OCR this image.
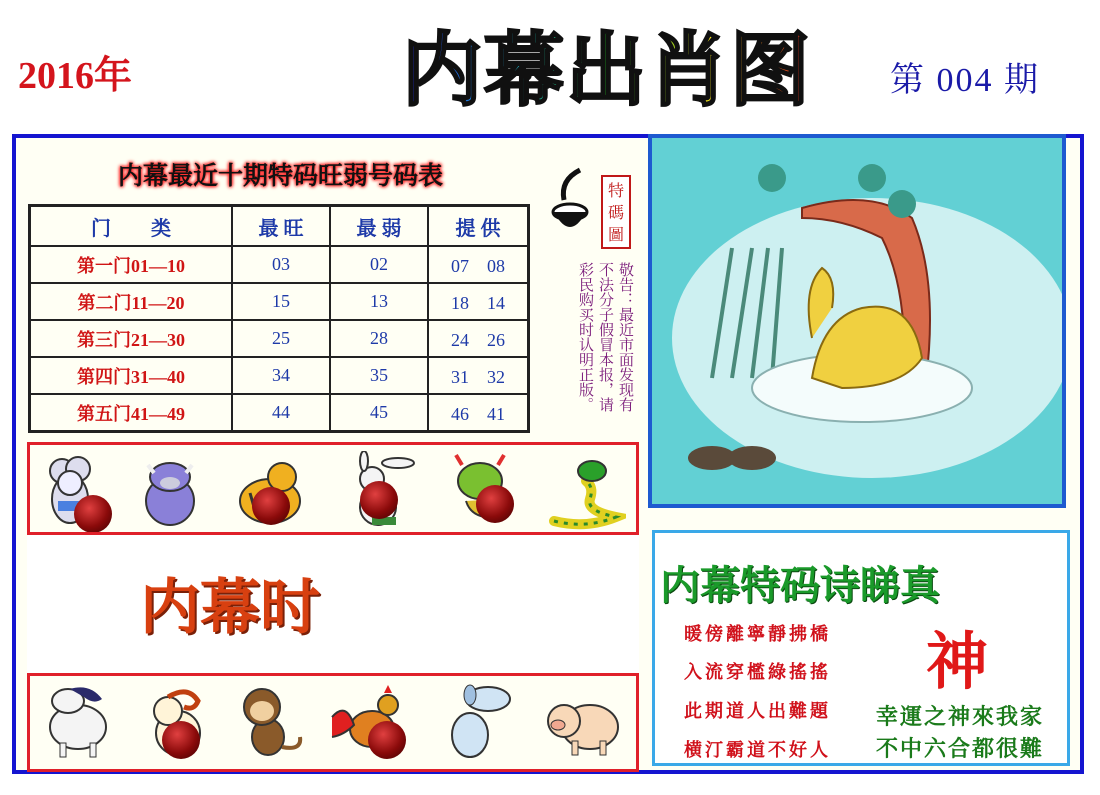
2016年	内幕出肖图 第 004 期
内幕最近十期特码旺弱号码表
门　　类	最 旺	最 弱	提 供
第一门01—10	03	02	07　08
第二门11—20	15	13	18　14
第三门21—30	25	28	24　26
第四门31—40	34	35	31　32
第五门41—49	44	45	46　41
特
碼
圖
敬告：最近市面发现有不法分子假冒本报，请彩民购买时认明正版。
内幕时	内幕特码诗睇真
神
暖傍離寧靜拂橋
入流穿檻綠搖搖
此期道人出難題
横汀霸道不好人
幸運之神來我家
不中六合都很難
